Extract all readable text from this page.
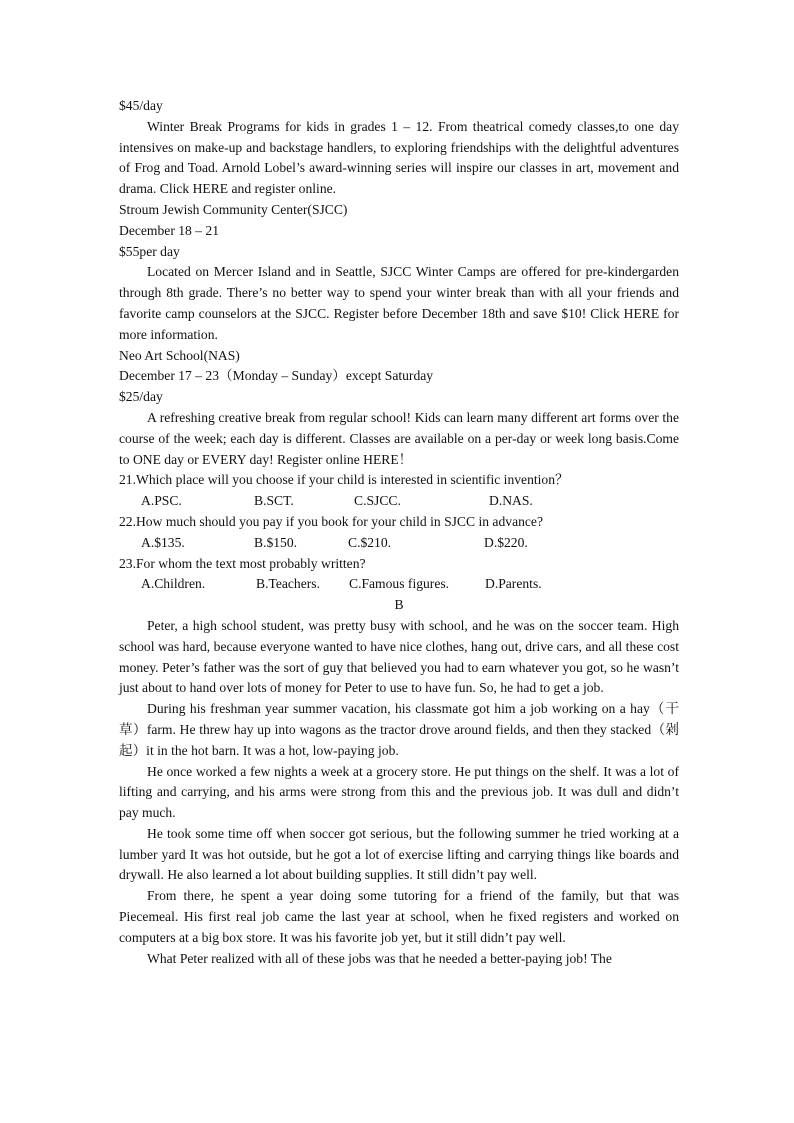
$45/day

Winter Break Programs for kids in grades 1 – 12. From theatrical comedy classes,to one day intensives on make-up and backstage handlers, to exploring friendships with the delightful adventures of Frog and Toad. Arnold Lobel’s award-winning series will inspire our classes in art, movement and drama. Click HERE and register online.

Stroum Jewish Community Center(SJCC)

December 18 – 21

$55per day

Located on Mercer Island and in Seattle, SJCC Winter Camps are offered for pre-kindergarden through 8th grade. There’s no better way to spend your winter break than with all your friends and favorite camp counselors at the SJCC. Register before December 18th and save $10! Click HERE for more information.

Neo Art School(NAS)

December 17 – 23（Monday – Sunday）except Saturday

$25/day

A refreshing creative break from regular school! Kids can learn many different art forms over the course of the week; each day is different. Classes are available on a per-day or week long basis.Come to ONE day or EVERY day! Register online HERE！

21.Which place will you choose if your child is interested in scientific invention？

A.PSC.	B.SCT.	C.SJCC.	D.NAS.

22.How much should you pay if you book for your child in SJCC in advance?

A.$135.	B.$150.	C.$210.	D.$220.

23.For whom the text most probably written?

A.Children.	B.Teachers.	C.Famous figures.	D.Parents.

B

Peter, a high school student, was pretty busy with school, and he was on the soccer team. High school was hard, because everyone wanted to have nice clothes, hang out, drive cars, and all these cost money. Peter’s father was the sort of guy that believed you had to earn whatever you got, so he wasn’t just about to hand over lots of money for Peter to use to have fun. So, he had to get a job.

During his freshman year summer vacation, his classmate got him a job working on a hay（干草）farm. He threw hay up into wagons as the tractor drove around fields, and then they stacked（剁起）it in the hot barn. It was a hot, low-paying job.

He once worked a few nights a week at a grocery store. He put things on the shelf. It was a lot of lifting and carrying, and his arms were strong from this and the previous job. It was dull and didn’t pay much.

He took some time off when soccer got serious, but the following summer he tried working at a lumber yard It was hot outside, but he got a lot of exercise lifting and carrying things like boards and drywall. He also learned a lot about building supplies. It still didn’t pay well.

From there, he spent a year doing some tutoring for a friend of the family, but that was Piecemeal. His first real job came the last year at school, when he fixed registers and worked on computers at a big box store. It was his favorite job yet, but it still didn’t pay well.

What Peter realized with all of these jobs was that he needed a better-paying job! The
